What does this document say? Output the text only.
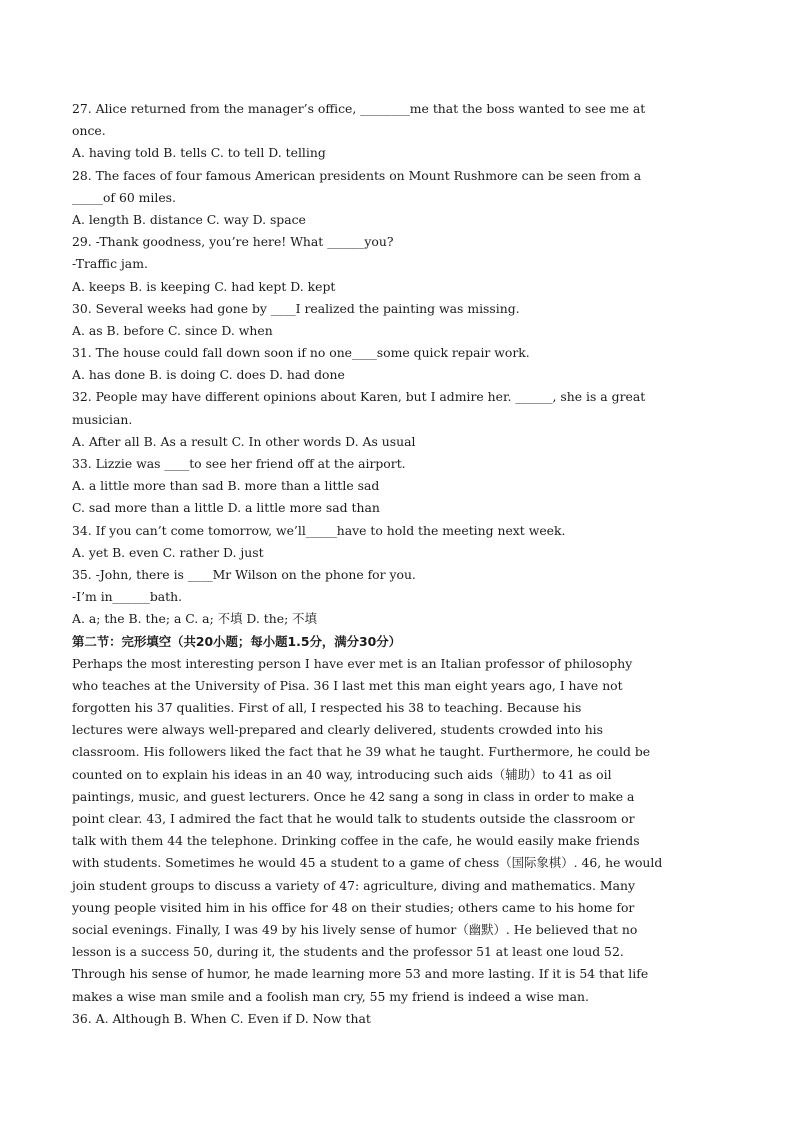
27. Alice returned from the manager’s office, ________me that the boss wanted to see me at
once.
A. having told B. tells C. to tell D. telling
28. The faces of four famous American presidents on Mount Rushmore can be seen from a
_____of 60 miles.
A. length B. distance C. way D. space
29. -Thank goodness, you’re here! What ______you?
-Traffic jam.
A. keeps B. is keeping C. had kept D. kept
30. Several weeks had gone by ____I realized the painting was missing.
A. as B. before C. since D. when
31. The house could fall down soon if no one____some quick repair work.
A. has done B. is doing C. does D. had done
32. People may have different opinions about Karen, but I admire her. ______, she is a great
musician.
A. After all B. As a result C. In other words D. As usual
33. Lizzie was ____to see her friend off at the airport.
A. a little more than sad B. more than a little sad
C. sad more than a little D. a little more sad than
34. If you can’t come tomorrow, we’ll_____have to hold the meeting next week.
A. yet B. even C. rather D. just
35. -John, there is ____Mr Wilson on the phone for you.
-I’m in______bath.
A. a; the B. the; a C. a; 不填 D. the; 不填
第二节：完形填空（共20小题；每小题1.5分，满分30分）
Perhaps the most interesting person I have ever met is an Italian professor of philosophy
who teaches at the University of Pisa. 36 I last met this man eight years ago, I have not
forgotten his 37 qualities. First of all, I respected his 38 to teaching. Because his
lectures were always well-prepared and clearly delivered, students crowded into his
classroom. His followers liked the fact that he 39 what he taught. Furthermore, he could be
counted on to explain his ideas in an 40 way, introducing such aids（辅助）to 41 as oil
paintings, music, and guest lecturers. Once he 42 sang a song in class in order to make a
point clear. 43, I admired the fact that he would talk to students outside the classroom or
talk with them 44 the telephone. Drinking coffee in the cafe, he would easily make friends
with students. Sometimes he would 45 a student to a game of chess（国际象棋）. 46, he would
join student groups to discuss a variety of 47: agriculture, diving and mathematics. Many
young people visited him in his office for 48 on their studies; others came to his home for
social evenings. Finally, I was 49 by his lively sense of humor（幽默）. He believed that no
lesson is a success 50, during it, the students and the professor 51 at least one loud 52.
Through his sense of humor, he made learning more 53 and more lasting. If it is 54 that life
makes a wise man smile and a foolish man cry, 55 my friend is indeed a wise man.
36. A. Although B. When C. Even if D. Now that
